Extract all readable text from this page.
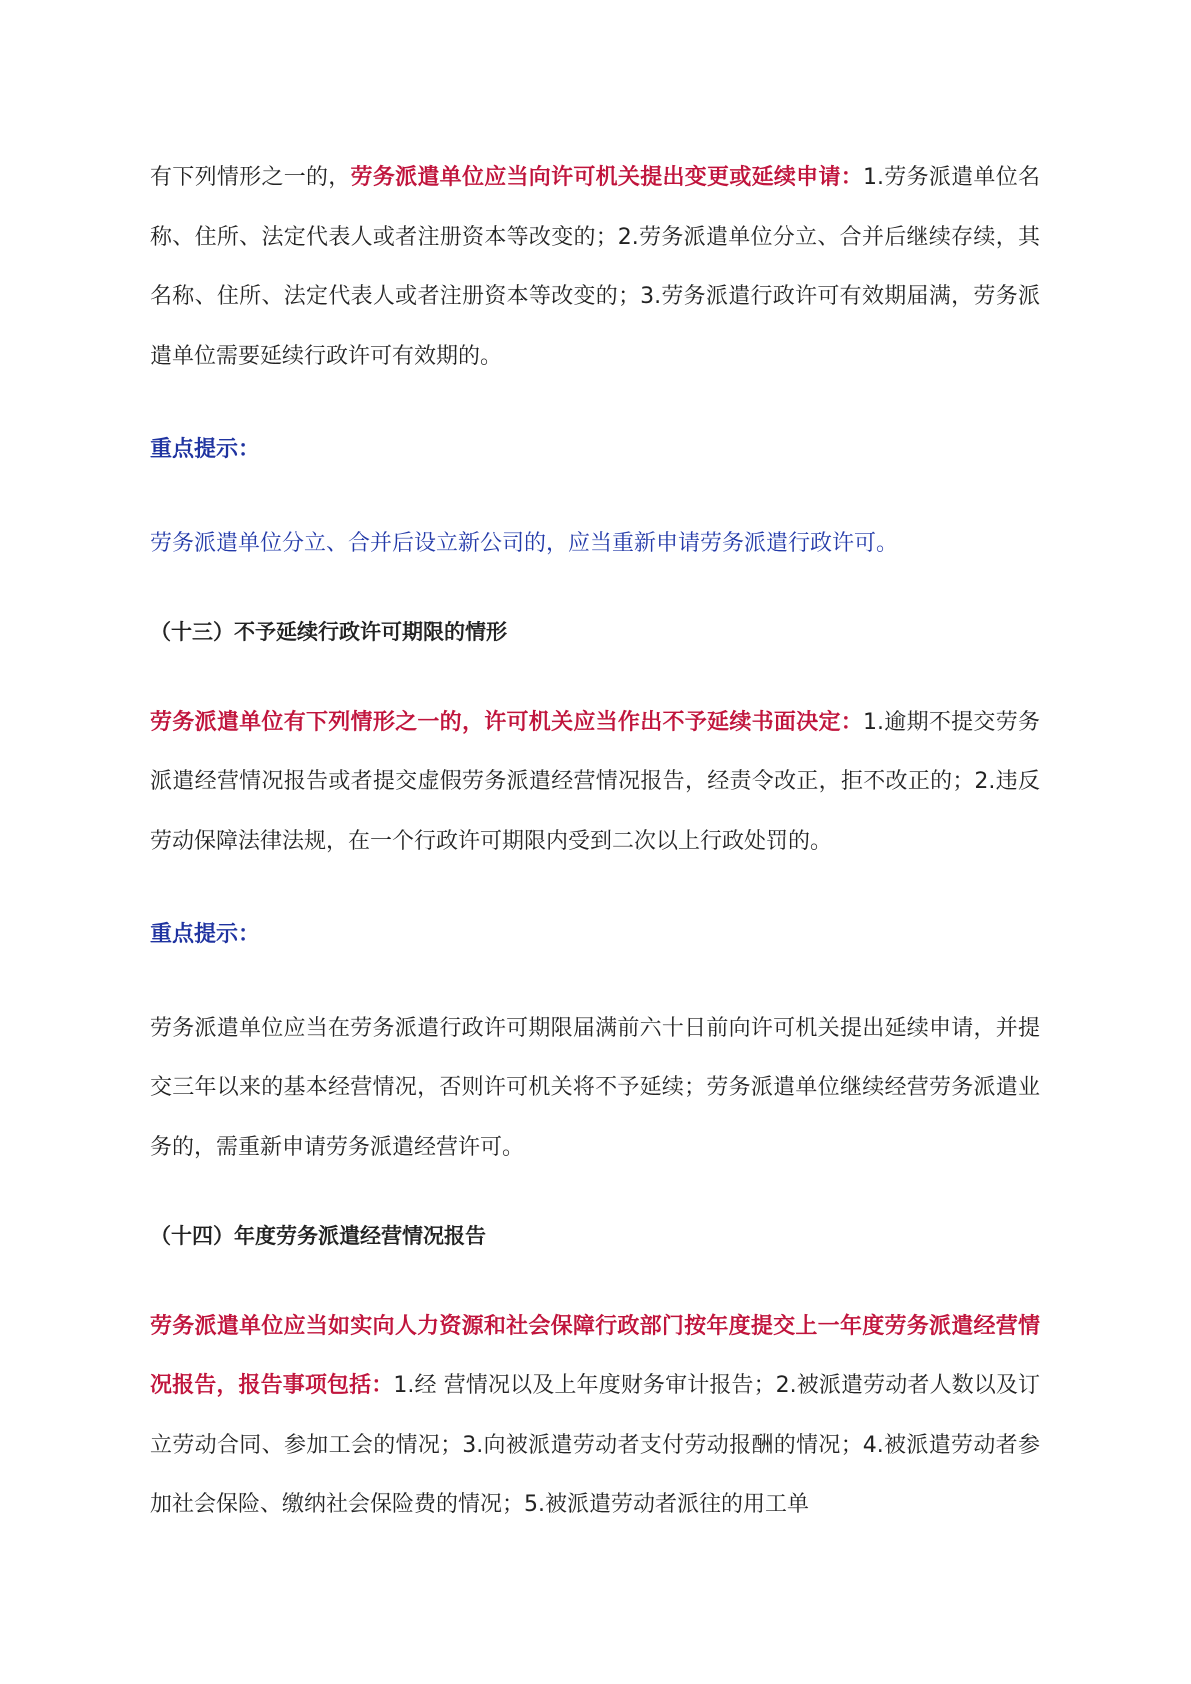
有下列情形之一的，劳务派遣单位应当向许可机关提出变更或延续申请：1.劳务派遣单位名称、住所、法定代表人或者注册资本等改变的；2.劳务派遣单位分立、合并后继续存续，其名称、住所、法定代表人或者注册资本等改变的；3.劳务派遣行政许可有效期届满，劳务派遣单位需要延续行政许可有效期的。

重点提示：

劳务派遣单位分立、合并后设立新公司的，应当重新申请劳务派遣行政许可。

（十三）不予延续行政许可期限的情形

劳务派遣单位有下列情形之一的，许可机关应当作出不予延续书面决定：1.逾期不提交劳务派遣经营情况报告或者提交虚假劳务派遣经营情况报告，经责令改正，拒不改正的；2.违反劳动保障法律法规，在一个行政许可期限内受到二次以上行政处罚的。

重点提示：

劳务派遣单位应当在劳务派遣行政许可期限届满前六十日前向许可机关提出延续申请，并提交三年以来的基本经营情况，否则许可机关将不予延续；劳务派遣单位继续经营劳务派遣业务的，需重新申请劳务派遣经营许可。

（十四）年度劳务派遣经营情况报告

劳务派遣单位应当如实向人力资源和社会保障行政部门按年度提交上一年度劳务派遣经营情况报告，报告事项包括：1.经 营情况以及上年度财务审计报告；2.被派遣劳动者人数以及订立劳动合同、参加工会的情况；3.向被派遣劳动者支付劳动报酬的情况；4.被派遣劳动者参加社会保险、缴纳社会保险费的情况；5.被派遣劳动者派往的用工单
